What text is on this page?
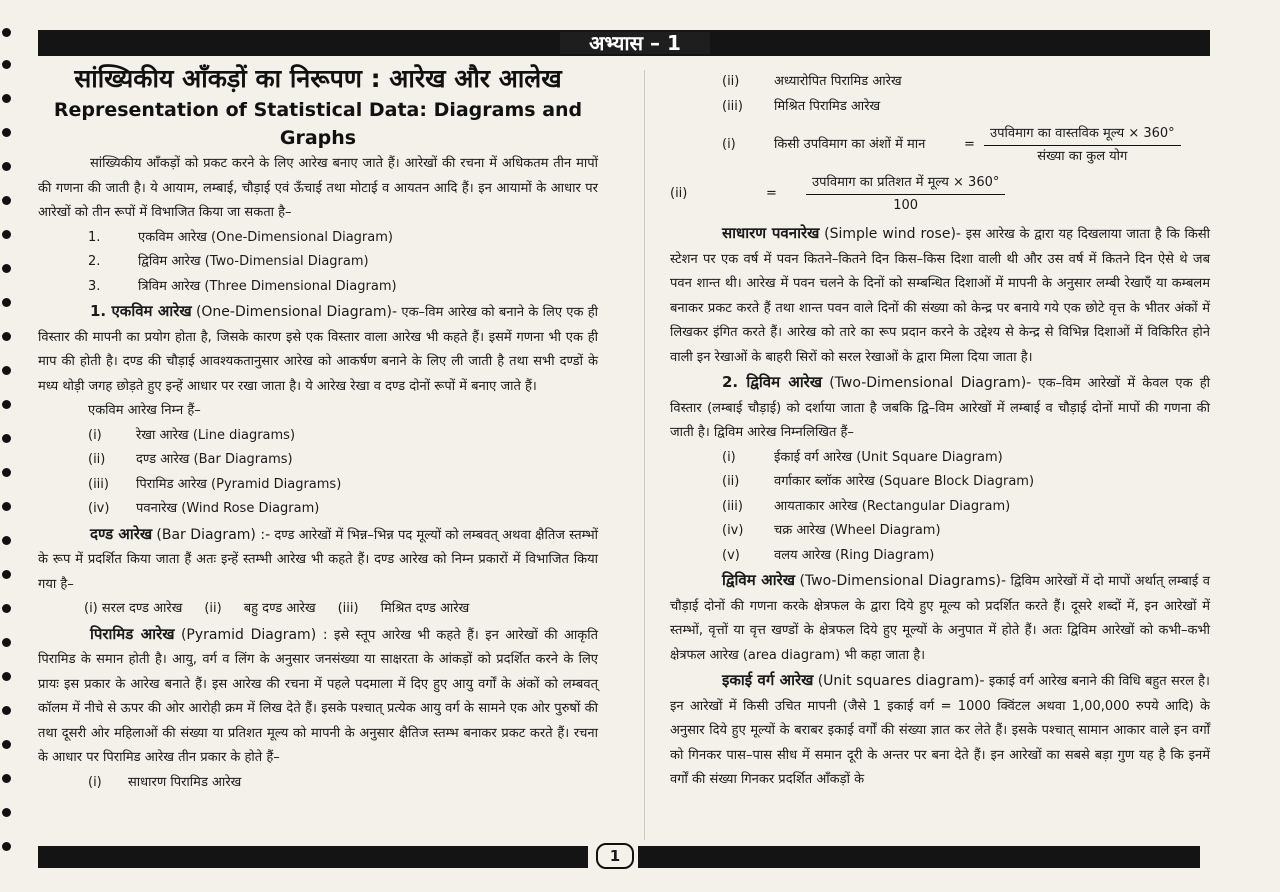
अभ्यास – 1
सांख्यिकीय आँकड़ों का निरूपण : आरेख और आलेख
Representation of Statistical Data: Diagrams and Graphs

सांख्यिकीय आँकड़ों को प्रकट करने के लिए आरेख बनाए जाते हैं। आरेखों की रचना में अधिकतम तीन मापों की गणना की जाती है। ये आयाम, लम्बाई, चौड़ाई एवं ऊँचाई तथा मोटाई व आयतन आदि हैं। इन आयामों के आधार पर आरेखों को तीन रूपों में विभाजित किया जा सकता है–

1.	एकविम आरेख (One-Dimensional Diagram)
2.	द्विविम आरेख (Two-Dimensial Diagram)
3.	त्रिविम आरेख (Three Dimensional Diagram)

1. एकविम आरेख (One-Dimensional Diagram)- एक–विम आरेख को बनाने के लिए एक ही विस्तार की मापनी का प्रयोग होता है, जिसके कारण इसे एक विस्तार वाला आरेख भी कहते हैं। इसमें गणना भी एक ही माप की होती है। दण्ड की चौड़ाई आवश्यकतानुसार आरेख को आकर्षण बनाने के लिए ली जाती है तथा सभी दण्डों के मध्य थोड़ी जगह छोड़ते हुए इन्हें आधार पर रखा जाता है। ये आरेख रेखा व दण्ड दोनों रूपों में बनाए जाते हैं।

एकविम आरेख निम्न हैं–
(i)	रेखा आरेख (Line diagrams)
(ii)	दण्ड आरेख (Bar Diagrams)
(iii)	पिरामिड आरेख (Pyramid Diagrams)
(iv)	पवनारेख (Wind Rose Diagram)

दण्ड आरेख (Bar Diagram) :- दण्ड आरेखों में भिन्न–भिन्न पद मूल्यों को लम्बवत् अथवा क्षैतिज स्तम्भों के रूप में प्रदर्शित किया जाता हैं अतः इन्हें स्तम्भी आरेख भी कहते हैं। दण्ड आरेख को निम्न प्रकारों में विभाजित किया गया है–

(i) सरल दण्ड आरेख (ii) बहु दण्ड आरेख (iii) मिश्रित दण्ड आरेख

पिरामिड आरेख (Pyramid Diagram) : इसे स्तूप आरेख भी कहते हैं। इन आरेखों की आकृति पिरामिड के समान होती है। आयु, वर्ग व लिंग के अनुसार जनसंख्या या साक्षरता के आंकड़ों को प्रदर्शित करने के लिए प्रायः इस प्रकार के आरेख बनाते हैं। इस आरेख की रचना में पहले पदमाला में दिए हुए आयु वर्गों के अंकों को लम्बवत् कॉलम में नीचे से ऊपर की ओर आरोही क्रम में लिख देते हैं। इसके पश्चात् प्रत्येक आयु वर्ग के सामने एक ओर पुरुषों की तथा दूसरी ओर महिलाओं की संख्या या प्रतिशत मूल्य को मापनी के अनुसार क्षैतिज स्तम्भ बनाकर प्रकट करते हैं। रचना के आधार पर पिरामिड आरेख तीन प्रकार के होते हैं–

(i)	साधारण पिरामिड आरेख
(ii)	अध्यारोपित पिरामिड आरेख
(iii)	मिश्रित पिरामिड आरेख
(i)	किसी उपविमाग का अंशों में मान	= $\frac{\text{उपविमाग का वास्तविक मूल्य × 360°}}{\text{संख्या का कुल योग}}$
(ii)	=	$\frac{\text{उपविमाग का प्रतिशत में मूल्य × 360°}}{100}$

साधारण पवनारेख (Simple wind rose)- इस आरेख के द्वारा यह दिखलाया जाता है कि किसी स्टेशन पर एक वर्ष में पवन कितने–कितने दिन किस–किस दिशा वाली थी और उस वर्ष में कितने दिन ऐसे थे जब पवन शान्त थी। आरेख में पवन चलने के दिनों को सम्बन्धित दिशाओं में मापनी के अनुसार लम्बी रेखाएँ या कम्बलम बनाकर प्रकट करते हैं तथा शान्त पवन वाले दिनों की संख्या को केन्द्र पर बनाये गये एक छोटे वृत्त के भीतर अंकों में लिखकर इंगित करते हैं। आरेख को तारे का रूप प्रदान करने के उद्देश्य से केन्द्र से विभिन्न दिशाओं में विकिरित होने वाली इन रेखाओं के बाहरी सिरों को सरल रेखाओं के द्वारा मिला दिया जाता है।

2. द्विविम आरेख (Two-Dimensional Diagram)- एक–विम आरेखों में केवल एक ही विस्तार (लम्बाई चौड़ाई) को दर्शाया जाता है जबकि द्वि–विम आरेखों में लम्बाई व चौड़ाई दोनों मापों की गणना की जाती है। द्विविम आरेख निम्नलिखित हैं–

(i)	ईकाई वर्ग आरेख (Unit Square Diagram)
(ii)	वर्गाकार ब्लॉक आरेख (Square Block Diagram)
(iii)	आयताकार आरेख (Rectangular Diagram)
(iv)	चक्र आरेख (Wheel Diagram)
(v)	वलय आरेख (Ring Diagram)

द्विविम आरेख (Two-Dimensional Diagrams)- द्विविम आरेखों में दो मापों अर्थात् लम्बाई व चौड़ाई दोनों की गणना करके क्षेत्रफल के द्वारा दिये हुए मूल्य को प्रदर्शित करते हैं। दूसरे शब्दों में, इन आरेखों में स्तम्भों, वृत्तों या वृत्त खण्डों के क्षेत्रफल दिये हुए मूल्यों के अनुपात में होते हैं। अतः द्विविम आरेखों को कभी–कभी क्षेत्रफल आरेख (area diagram) भी कहा जाता है।

इकाई वर्ग आरेख (Unit squares diagram)- इकाई वर्ग आरेख बनाने की विधि बहुत सरल है। इन आरेखों में किसी उचित मापनी (जैसे 1 इकाई वर्ग = 1000 क्विंटल अथवा 1,00,000 रुपये आदि) के अनुसार दिये हुए मूल्यों के बराबर इकाई वर्गों की संख्या ज्ञात कर लेते हैं। इसके पश्चात् सामान आकार वाले इन वर्गों को गिनकर पास–पास सीध में समान दूरी के अन्तर पर बना देते हैं। इन आरेखों का सबसे बड़ा गुण यह है कि इनमें वर्गों की संख्या गिनकर प्रदर्शित आँकड़ों के

1
